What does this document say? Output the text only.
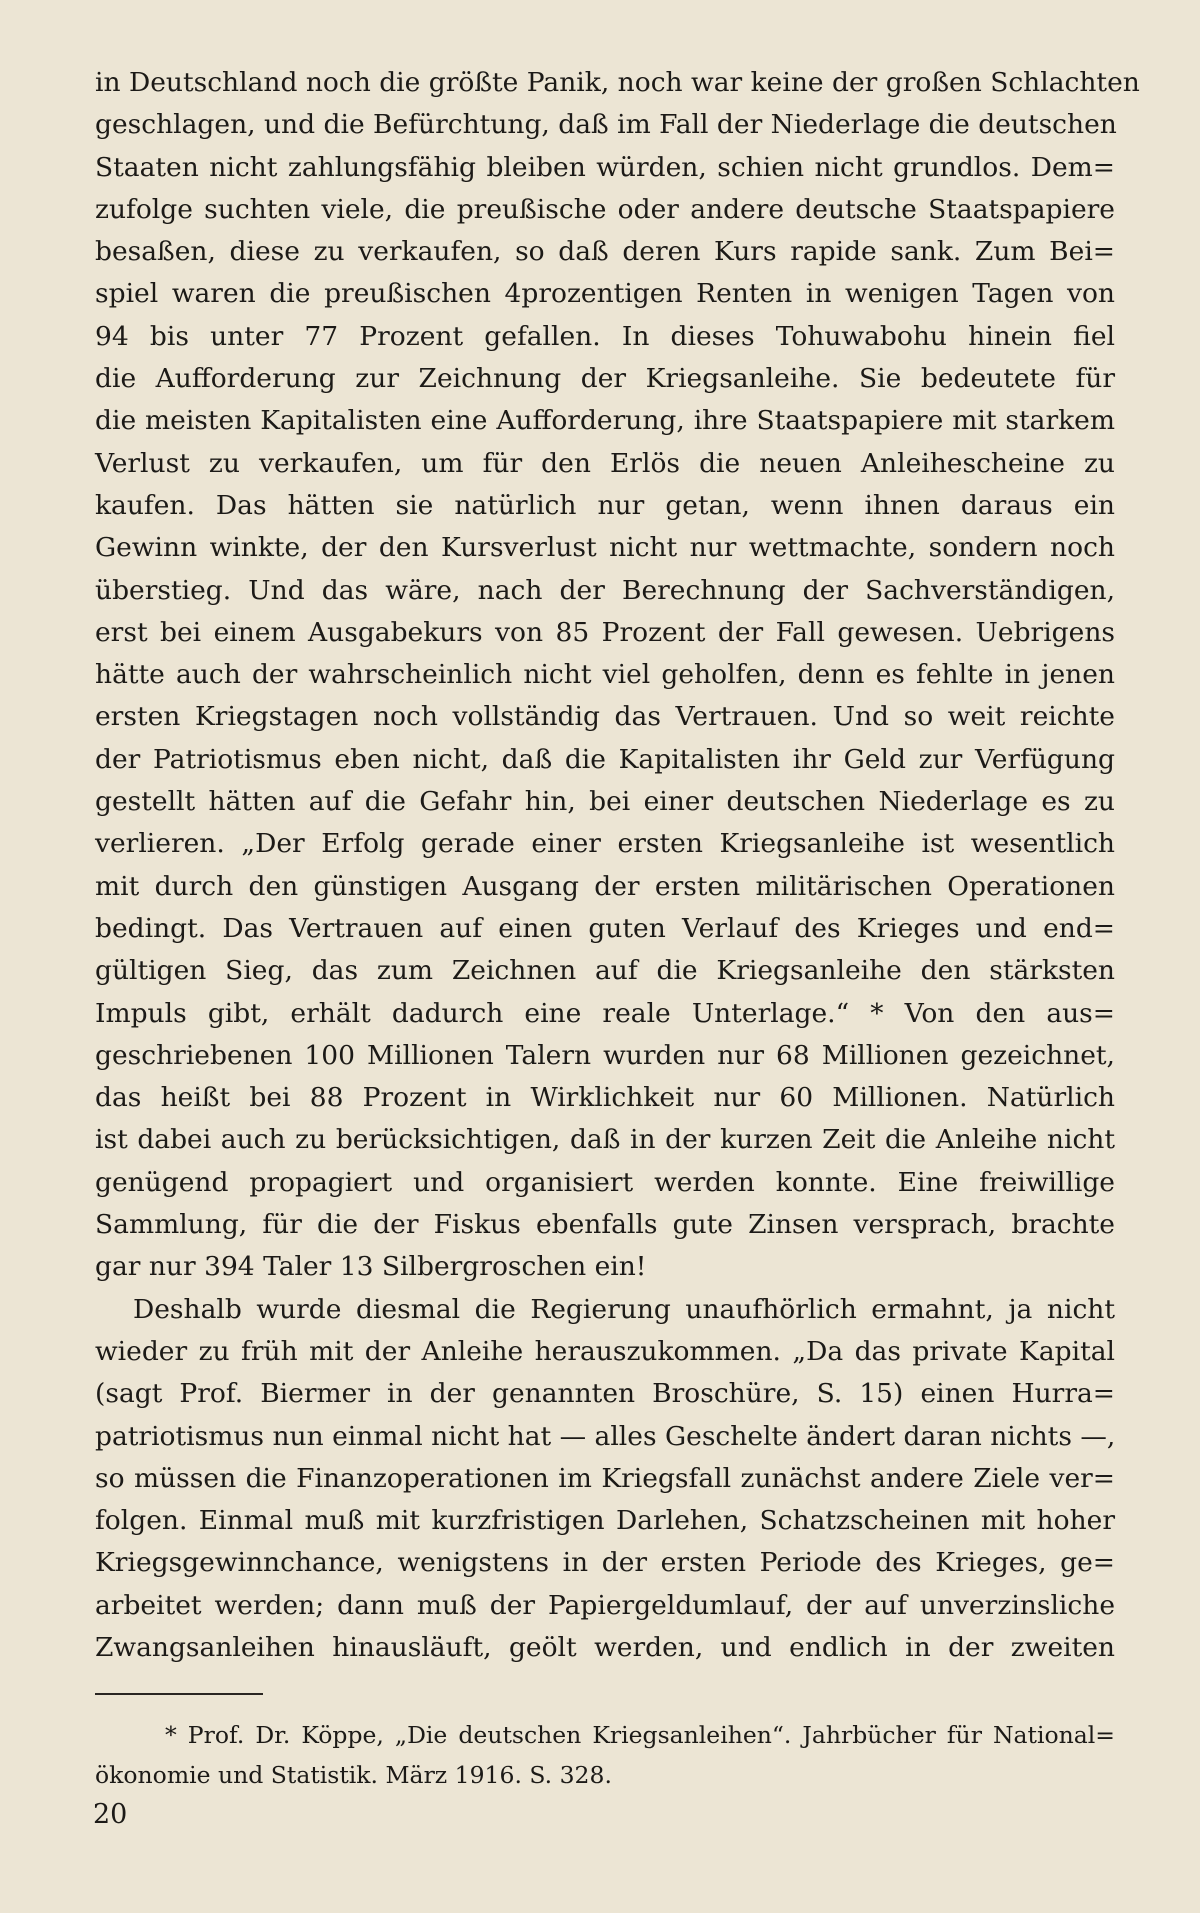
in Deutschland noch die größte Panik, noch war keine der großen Schlachten
geschlagen, und die Befürchtung, daß im Fall der Niederlage die deutschen
Staaten nicht zahlungsfähig bleiben würden, schien nicht grundlos. Dem=
zufolge suchten viele, die preußische oder andere deutsche Staatspapiere
besaßen, diese zu verkaufen, so daß deren Kurs rapide sank. Zum Bei=
spiel waren die preußischen 4prozentigen Renten in wenigen Tagen von
94 bis unter 77 Prozent gefallen. In dieses Tohuwabohu hinein fiel
die Aufforderung zur Zeichnung der Kriegsanleihe. Sie bedeutete für
die meisten Kapitalisten eine Aufforderung, ihre Staatspapiere mit starkem
Verlust zu verkaufen, um für den Erlös die neuen Anleihescheine zu
kaufen. Das hätten sie natürlich nur getan, wenn ihnen daraus ein
Gewinn winkte, der den Kursverlust nicht nur wettmachte, sondern noch
überstieg. Und das wäre, nach der Berechnung der Sachverständigen,
erst bei einem Ausgabekurs von 85 Prozent der Fall gewesen. Uebrigens
hätte auch der wahrscheinlich nicht viel geholfen, denn es fehlte in jenen
ersten Kriegstagen noch vollständig das Vertrauen. Und so weit reichte
der Patriotismus eben nicht, daß die Kapitalisten ihr Geld zur Verfügung
gestellt hätten auf die Gefahr hin, bei einer deutschen Niederlage es zu
verlieren. „Der Erfolg gerade einer ersten Kriegsanleihe ist wesentlich
mit durch den günstigen Ausgang der ersten militärischen Operationen
bedingt. Das Vertrauen auf einen guten Verlauf des Krieges und end=
gültigen Sieg, das zum Zeichnen auf die Kriegsanleihe den stärksten
Impuls gibt, erhält dadurch eine reale Unterlage.“ * Von den aus=
geschriebenen 100 Millionen Talern wurden nur 68 Millionen gezeichnet,
das heißt bei 88 Prozent in Wirklichkeit nur 60 Millionen. Natürlich
ist dabei auch zu berücksichtigen, daß in der kurzen Zeit die Anleihe nicht
genügend propagiert und organisiert werden konnte. Eine freiwillige
Sammlung, für die der Fiskus ebenfalls gute Zinsen versprach, brachte
gar nur 394 Taler 13 Silbergroschen ein!
Deshalb wurde diesmal die Regierung unaufhörlich ermahnt, ja nicht
wieder zu früh mit der Anleihe herauszukommen. „Da das private Kapital
(sagt Prof. Biermer in der genannten Broschüre, S. 15) einen Hurra=
patriotismus nun einmal nicht hat — alles Geschelte ändert daran nichts —,
so müssen die Finanzoperationen im Kriegsfall zunächst andere Ziele ver=
folgen. Einmal muß mit kurzfristigen Darlehen, Schatzscheinen mit hoher
Kriegsgewinnchance, wenigstens in der ersten Periode des Krieges, ge=
arbeitet werden; dann muß der Papiergeldumlauf, der auf unverzinsliche
Zwangsanleihen hinausläuft, geölt werden, und endlich in der zweiten
* Prof. Dr. Köppe, „Die deutschen Kriegsanleihen“. Jahrbücher für National=
ökonomie und Statistik. März 1916. S. 328.
20
